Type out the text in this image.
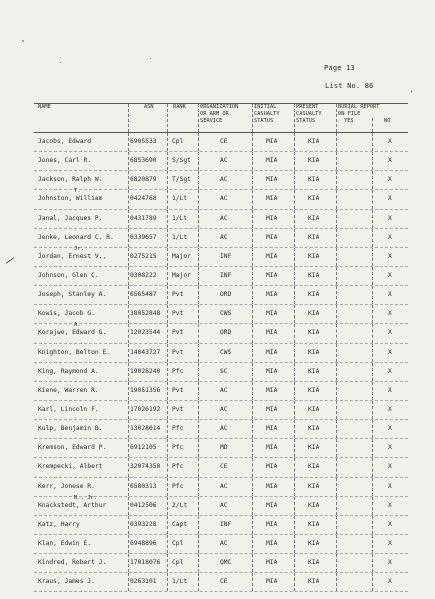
Page 13
List No. 86
NAME	ASN	RANK	ORGANIZATION
OR ARM OR
SERVICE
INITIAL
CASUALTY
STATUS
PRESENT
CASUALTY
STATUS
BURIAL REPORT
ON FILE
YES	NO
Jacobs, Edward	6905533 Cpl	CE	MIA	KIA	X
Jones, Carl R.	6853690 S/Sgt	AC	MIA	KIA	X
Jackson, Ralph W.	6820879 T/Sgt	AC	MIA	KIA	X
T.
Johnston, William	0424768 1/Lt	AC	MIA	KIA	X
Janal, Jacques P.	0431789 1/Lt	AC	MIA	KIA	X
Jenke, Leonard C. R.	0339657 1/Lt	AC	MIA	KIA	X
Jr.
Jordan, Ernest V.,	0275215 Major	INF	MIA	KIA	X
Johnson, Glen C.	0308222 Major	INF	MIA	KIA	X
Joseph, Stanley A.	6565487 Pvt	ORD	MIA	KIA	X
Kowis, Jacob G.	38052848 Pvt	CWS	MIA	KIA	X
A.
Korajwo, Edward G.	12023544 Pvt	ORD	MIA	KIA	X
Knighton, Belton E.	14043727 Pvt	CWS	MIA	KIA	X
King, Raymond A.	19028240 Pfc	SC	MIA	KIA	X
Kiene, Warren R.	19051356 Pvt	AC	MIA	KIA	X
Karl, Lincoln F.	17026192 Pvt	AC	MIA	KIA	X
Kulp, Benjamin B.	13028014 Pfc	AC	MIA	KIA	X
Kremson, Edward P.	6912105 Pfc	MD	MIA	KIA	X
Krempecki, Albert	32074350 Pfc	CE	MIA	KIA	X
Kerr, Jonese R.	6580313 Pfc	AC	MIA	KIA	X
B., Jr.
Knackstedt, Arthur	0412506 2/Lt	AC	MIA	KIA	X
Katz, Harry	0393228 Capt	INF	MIA	KIA	X
Klan, Edwin E.	6948896 Cpl	AC	MIA	KIA	X
Kindred, Robert J.	17018076 Cpl	QMC	MIA	KIA	X
Kraus, James J.	0263101 1/Lt	CE	MIA	KIA	X
